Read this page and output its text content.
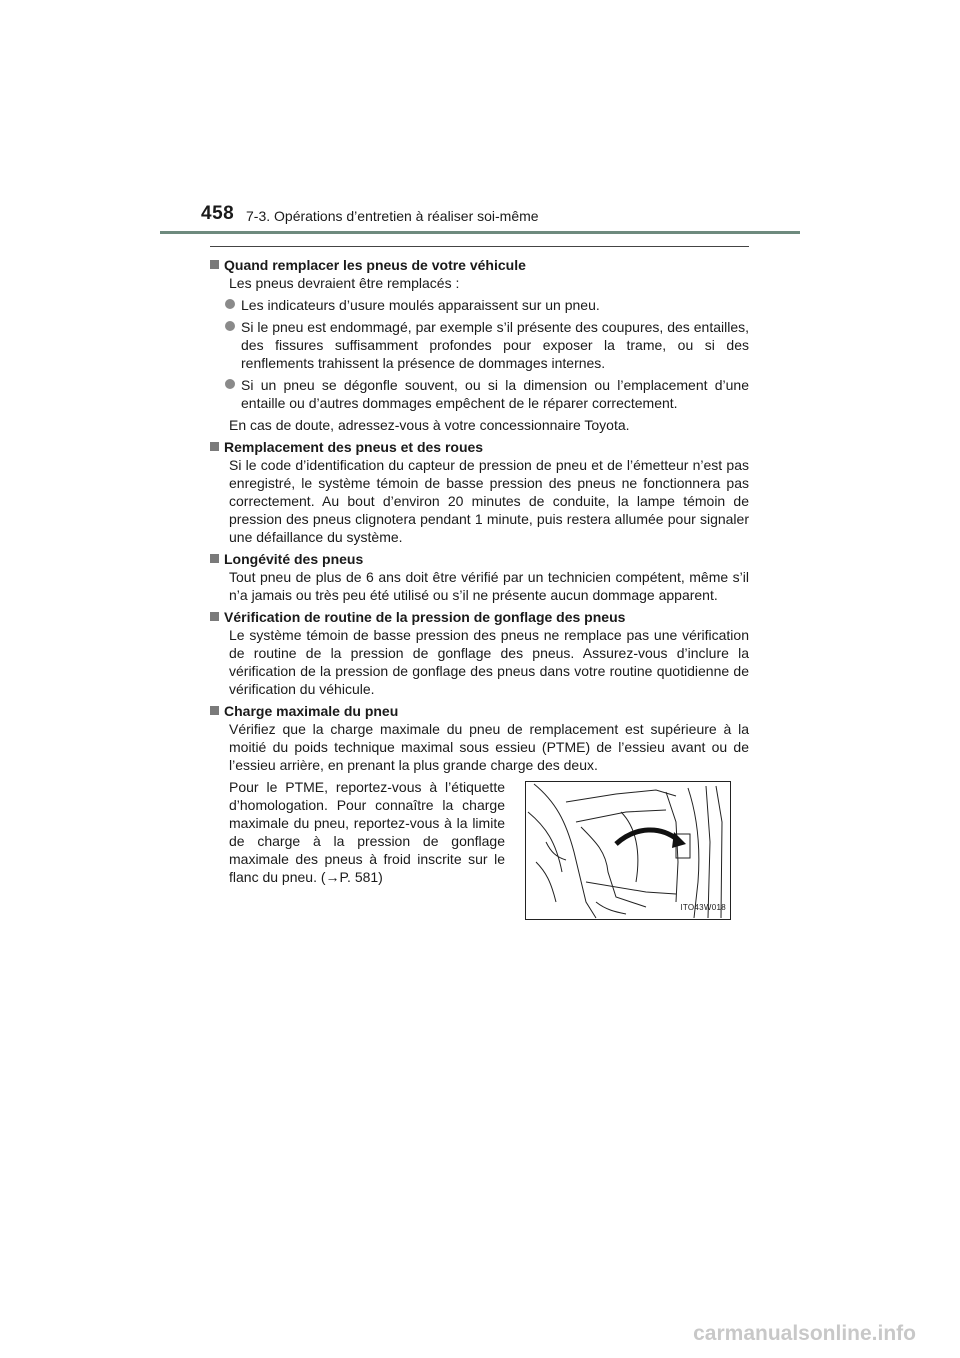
458 7-3. Opérations d’entretien à réaliser soi-même

Quand remplacer les pneus de votre véhicule

Les pneus devraient être remplacés :

Les indicateurs d’usure moulés apparaissent sur un pneu.

Si le pneu est endommagé, par exemple s’il présente des coupures, des entailles, des fissures suffisamment profondes pour exposer la trame, ou si des renflements trahissent la présence de dommages internes.

Si un pneu se dégonfle souvent, ou si la dimension ou l’emplacement d’une entaille ou d’autres dommages empêchent de le réparer correctement.

En cas de doute, adressez-vous à votre concessionnaire Toyota.

Remplacement des pneus et des roues

Si le code d’identification du capteur de pression de pneu et de l’émetteur n’est pas enregistré, le système témoin de basse pression des pneus ne fonctionnera pas correctement. Au bout d’environ 20 minutes de conduite, la lampe témoin de pression des pneus clignotera pendant 1 minute, puis restera allumée pour signaler une défaillance du système.

Longévité des pneus

Tout pneu de plus de 6 ans doit être vérifié par un technicien compétent, même s’il n’a jamais ou très peu été utilisé ou s’il ne présente aucun dommage apparent.

Vérification de routine de la pression de gonflage des pneus

Le système témoin de basse pression des pneus ne remplace pas une vérification de routine de la pression de gonflage des pneus. Assurez-vous d’inclure la vérification de la pression de gonflage des pneus dans votre routine quotidienne de vérification du véhicule.

Charge maximale du pneu

Vérifiez que la charge maximale du pneu de remplacement est supérieure à la moitié du poids technique maximal sous essieu (PTME) de l’essieu avant ou de l’essieu arrière, en prenant la plus grande charge des deux.

Pour le PTME, reportez-vous à l’étiquette d’homologation. Pour connaître la charge maximale du pneu, reportez-vous à la limite de charge à la pression de gonflage maximale des pneus à froid inscrite sur le flanc du pneu. (→P. 581)

ITO43W018
carmanualsonline.info
